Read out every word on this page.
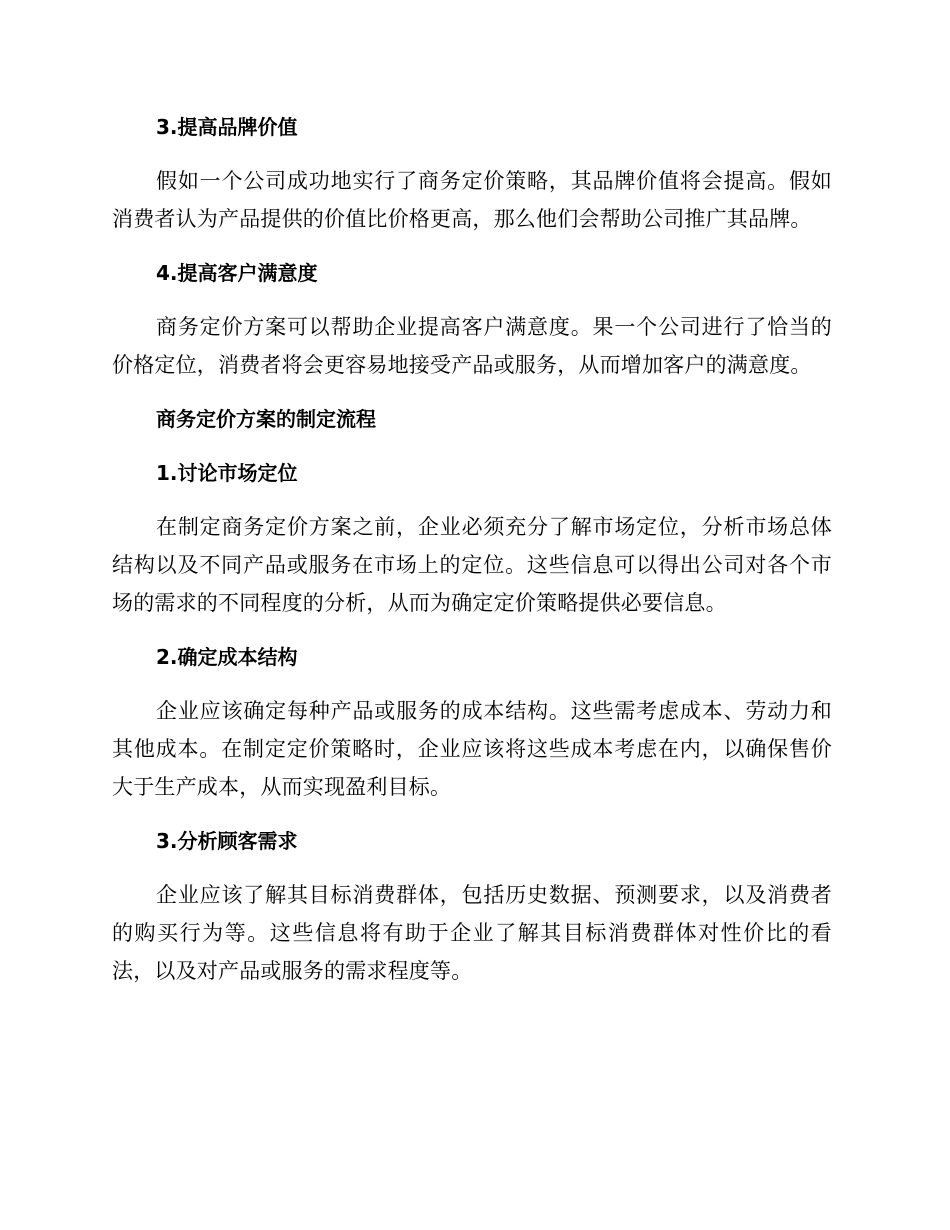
3.提高品牌价值

假如一个公司成功地实行了商务定价策略，其品牌价值将会提高。假如消费者认为产品提供的价值比价格更高，那么他们会帮助公司推广其品牌。

4.提高客户满意度

商务定价方案可以帮助企业提高客户满意度。果一个公司进行了恰当的价格定位，消费者将会更容易地接受产品或服务，从而增加客户的满意度。

商务定价方案的制定流程
1.讨论市场定位

在制定商务定价方案之前，企业必须充分了解市场定位，分析市场总体结构以及不同产品或服务在市场上的定位。这些信息可以得出公司对各个市场的需求的不同程度的分析，从而为确定定价策略提供必要信息。

2.确定成本结构

企业应该确定每种产品或服务的成本结构。这些需考虑成本、劳动力和其他成本。在制定定价策略时，企业应该将这些成本考虑在内，以确保售价大于生产成本，从而实现盈利目标。

3.分析顾客需求

企业应该了解其目标消费群体，包括历史数据、预测要求，以及消费者的购买行为等。这些信息将有助于企业了解其目标消费群体对性价比的看法，以及对产品或服务的需求程度等。
